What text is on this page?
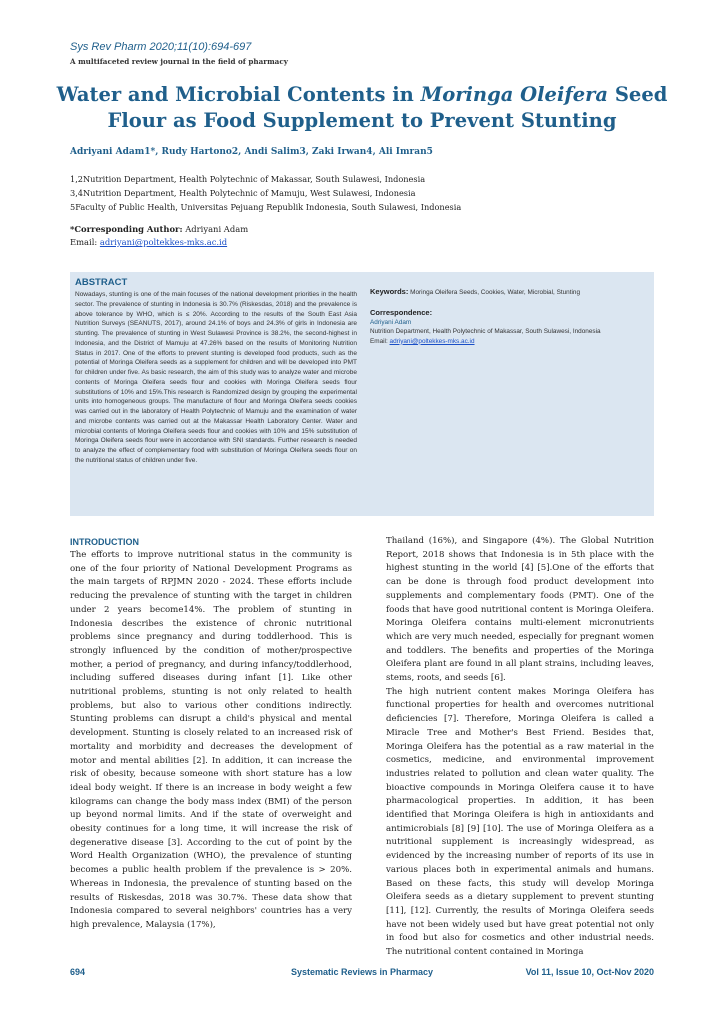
Sys Rev Pharm 2020;11(10):694-697
A multifaceted review journal in the field of pharmacy
Water and Microbial Contents in Moringa Oleifera Seed Flour as Food Supplement to Prevent Stunting
Adriyani Adam1*, Rudy Hartono2, Andi Salim3, Zaki Irwan4, Ali Imran5
1,2Nutrition Department, Health Polytechnic of Makassar, South Sulawesi, Indonesia
3,4Nutrition Department, Health Polytechnic of Mamuju, West Sulawesi, Indonesia
5Faculty of Public Health, Universitas Pejuang Republik Indonesia, South Sulawesi, Indonesia
*Corresponding Author: Adriyani Adam
Email: adriyani@poltekkes-mks.ac.id
ABSTRACT
Nowadays, stunting is one of the main focuses of the national development priorities in the health sector. The prevalence of stunting in Indonesia is 30.7% (Riskesdas, 2018) and the prevalence is above tolerance by WHO, which is ≤ 20%. According to the results of the South East Asia Nutrition Surveys (SEANUTS, 2017), around 24.1% of boys and 24.3% of girls in Indonesia are stunting. The prevalence of stunting in West Sulawesi Province is 38.2%, the second-highest in Indonesia, and the District of Mamuju at 47.26% based on the results of Monitoring Nutrition Status in 2017. One of the efforts to prevent stunting is developed food products, such as the potential of Moringa Oleifera seeds as a supplement for children and will be developed into PMT for children under five. As basic research, the aim of this study was to analyze water and microbe contents of Moringa Oleifera seeds flour and cookies with Moringa Oleifera seeds flour substitutions of 10% and 15%.This research is Randomized design by grouping the experimental units into homogeneous groups. The manufacture of flour and Moringa Oleifera seeds cookies was carried out in the laboratory of Health Polytechnic of Mamuju and the examination of water and microbe contents was carried out at the Makassar Health Laboratory Center. Water and microbial contents of Moringa Oleifera seeds flour and cookies with 10% and 15% substitution of Moringa Oleifera seeds flour were in accordance with SNI standards. Further research is needed to analyze the effect of complementary food with substitution of Moringa Oleifera seeds flour on the nutritional status of children under five.
Keywords: Moringa Oleifera Seeds, Cookies, Water, Microbial, Stunting
Correspondence:
Adriyani Adam
Nutrition Department, Health Polytechnic of Makassar, South Sulawesi, Indonesia
Email: adriyani@poltekkes-mks.ac.id
INTRODUCTION
The efforts to improve nutritional status in the community is one of the four priority of National Development Programs as the main targets of RPJMN 2020 - 2024. These efforts include reducing the prevalence of stunting with the target in children under 2 years become14%. The problem of stunting in Indonesia describes the existence of chronic nutritional problems since pregnancy and during toddlerhood. This is strongly influenced by the condition of mother/prospective mother, a period of pregnancy, and during infancy/toddlerhood, including suffered diseases during infant [1]. Like other nutritional problems, stunting is not only related to health problems, but also to various other conditions indirectly. Stunting problems can disrupt a child's physical and mental development. Stunting is closely related to an increased risk of mortality and morbidity and decreases the development of motor and mental abilities [2]. In addition, it can increase the risk of obesity, because someone with short stature has a low ideal body weight. If there is an increase in body weight a few kilograms can change the body mass index (BMI) of the person up beyond normal limits. And if the state of overweight and obesity continues for a long time, it will increase the risk of degenerative disease [3]. According to the cut of point by the Word Health Organization (WHO), the prevalence of stunting becomes a public health problem if the prevalence is > 20%. Whereas in Indonesia, the prevalence of stunting based on the results of Riskesdas, 2018 was 30.7%. These data show that Indonesia compared to several neighbors' countries has a very high prevalence, Malaysia (17%),
Thailand (16%), and Singapore (4%). The Global Nutrition Report, 2018 shows that Indonesia is in 5th place with the highest stunting in the world [4] [5].One of the efforts that can be done is through food product development into supplements and complementary foods (PMT). One of the foods that have good nutritional content is Moringa Oleifera. Moringa Oleifera contains multi-element micronutrients which are very much needed, especially for pregnant women and toddlers. The benefits and properties of the Moringa Oleifera plant are found in all plant strains, including leaves, stems, roots, and seeds [6].
The high nutrient content makes Moringa Oleifera has functional properties for health and overcomes nutritional deficiencies [7]. Therefore, Moringa Oleifera is called a Miracle Tree and Mother's Best Friend. Besides that, Moringa Oleifera has the potential as a raw material in the cosmetics, medicine, and environmental improvement industries related to pollution and clean water quality. The bioactive compounds in Moringa Oleifera cause it to have pharmacological properties. In addition, it has been identified that Moringa Oleifera is high in antioxidants and antimicrobials [8] [9] [10]. The use of Moringa Oleifera as a nutritional supplement is increasingly widespread, as evidenced by the increasing number of reports of its use in various places both in experimental animals and humans. Based on these facts, this study will develop Moringa Oleifera seeds as a dietary supplement to prevent stunting [11], [12]. Currently, the results of Moringa Oleifera seeds have not been widely used but have great potential not only in food but also for cosmetics and other industrial needs. The nutritional content contained in Moringa
694	Systematic Reviews in Pharmacy	Vol 11, Issue 10, Oct-Nov 2020
